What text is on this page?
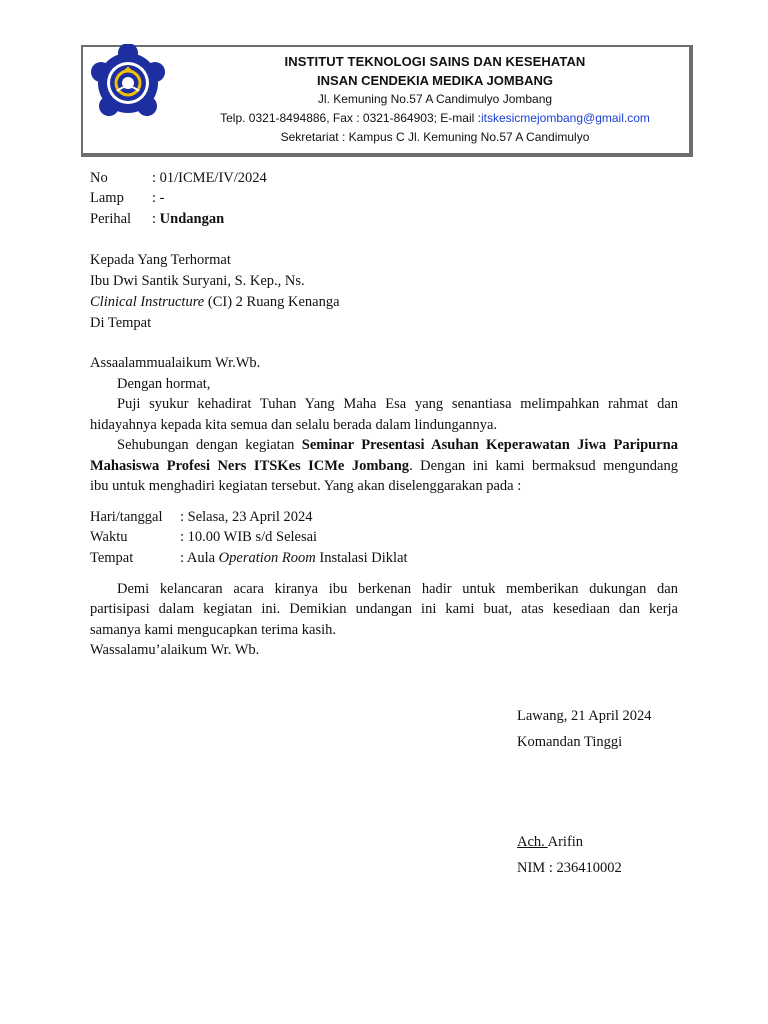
INSTITUT TEKNOLOGI SAINS DAN KESEHATAN
INSAN CENDEKIA MEDIKA JOMBANG
Jl. Kemuning No.57 A Candimulyo Jombang
Telp. 0321-8494886, Fax : 0321-864903; E-mail :itskesicmejombang@gmail.com
Sekretariat : Kampus C Jl. Kemuning No.57 A Candimulyo
No	: 01/ICME/IV/2024
Lamp : -
Perihal : Undangan
Kepada Yang Terhormat
Ibu Dwi Santik Suryani, S. Kep., Ns.
Clinical Instructure (CI) 2 Ruang Kenanga
Di Tempat
Assaalammualaikum Wr.Wb.
Dengan hormat,
Puji syukur kehadirat Tuhan Yang Maha Esa yang senantiasa melimpahkan rahmat dan
hidayahnya kepada kita semua dan selalu berada dalam lindungannya.
Sehubungan dengan kegiatan Seminar Presentasi Asuhan Keperawatan Jiwa Paripurna
Mahasiswa Profesi Ners ITSKes ICMe Jombang. Dengan ini kami bermaksud mengundang
ibu untuk menghadiri kegiatan tersebut. Yang akan diselenggarakan pada :
Hari/tanggal : Selasa, 23 April 2024
Waktu	: 10.00 WIB s/d Selesai
Tempat	: Aula Operation Room Instalasi Diklat
Demi kelancaran acara kiranya ibu berkenan hadir untuk memberikan dukungan dan
partisipasi dalam kegiatan ini. Demikian undangan ini kami buat, atas kesediaan dan kerja
samanya kami mengucapkan terima kasih.
Wassalamu’alaikum Wr. Wb.
Lawang, 21 April 2024
Komandan Tinggi
Ach. Arifin
NIM : 236410002
